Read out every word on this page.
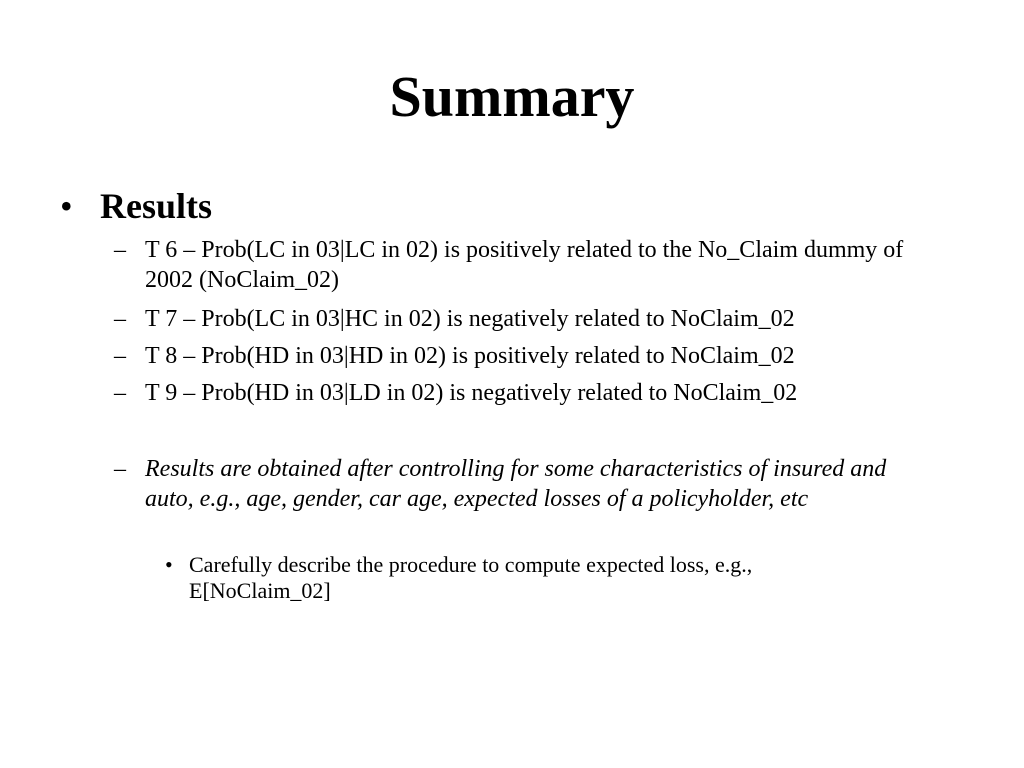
Summary
• Results
– T 6 – Prob(LC in 03|LC in 02) is positively related to the No_Claim dummy of 2002 (NoClaim_02)
– T 7 – Prob(LC in 03|HC in 02) is negatively related to NoClaim_02
– T 8 – Prob(HD in 03|HD in 02) is positively related to NoClaim_02
– T 9 – Prob(HD in 03|LD in 02) is negatively related to NoClaim_02
– Results are obtained after controlling for some characteristics of insured and auto, e.g., age, gender, car age, expected losses of a policyholder, etc
• Carefully describe the procedure to compute expected loss, e.g., E[NoClaim_02]
